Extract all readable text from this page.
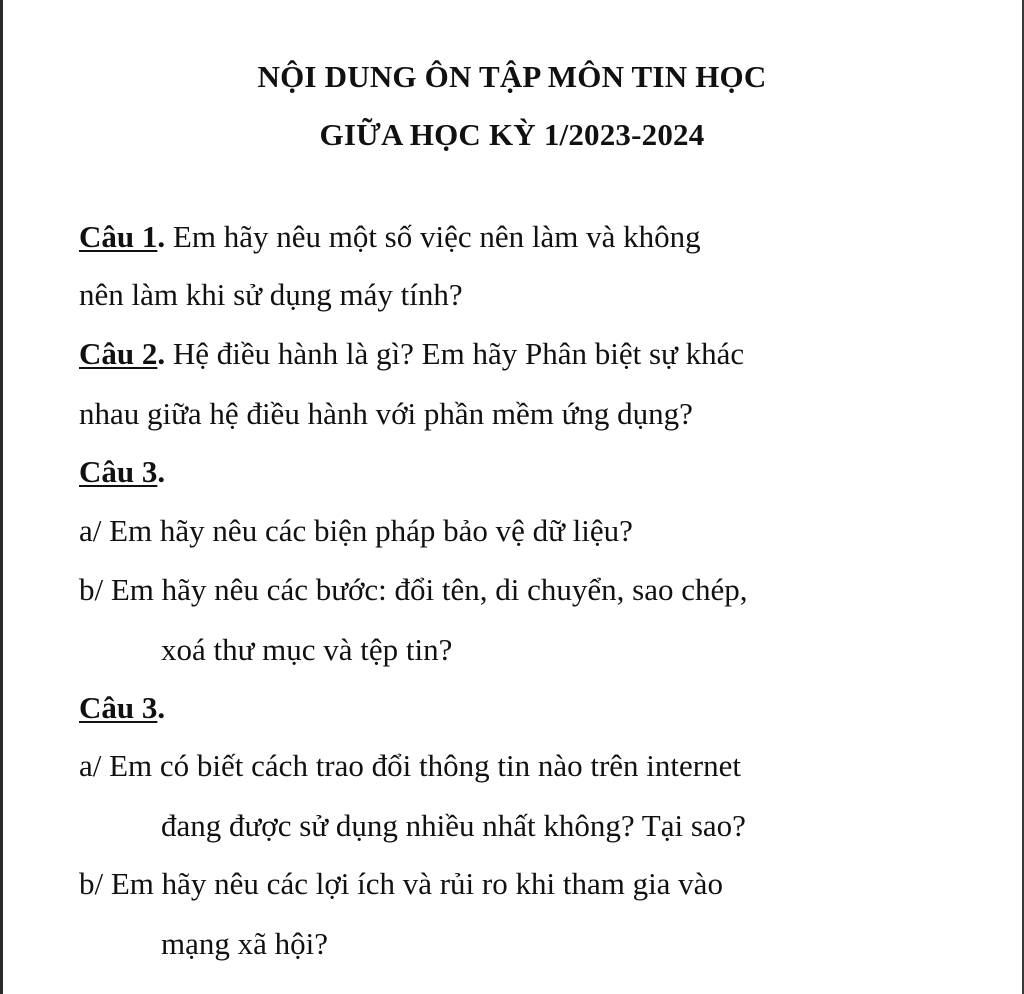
NỘI DUNG ÔN TẬP MÔN TIN HỌC
GIỮA HỌC KỲ 1/2023-2024
Câu 1. Em hãy nêu một số việc nên làm và không
nên làm khi sử dụng máy tính?
Câu 2. Hệ điều hành là gì? Em hãy Phân biệt sự khác
nhau giữa hệ điều hành với phần mềm ứng dụng?
Câu 3.
a/ Em hãy nêu các biện pháp bảo vệ dữ liệu?
b/ Em hãy nêu các bước: đổi tên, di chuyển, sao chép,
xoá thư mục và tệp tin?
Câu 3.
a/ Em có biết cách trao đổi thông tin nào trên internet
đang được sử dụng nhiều nhất không? Tại sao?
b/ Em hãy nêu các lợi ích và rủi ro khi tham gia vào
mạng xã hội?
